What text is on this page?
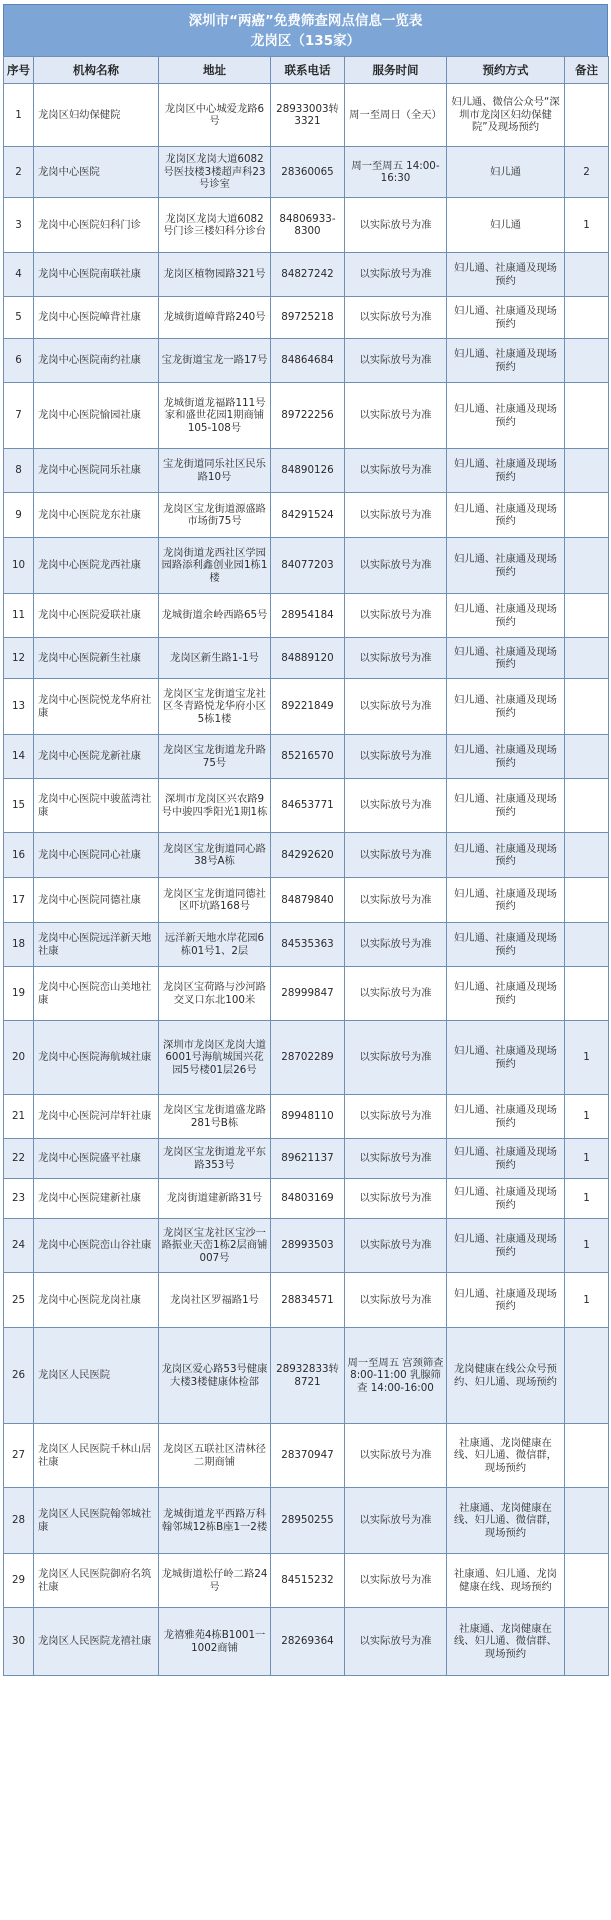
深圳市“两癌”免费筛查网点信息一览表
龙岗区（135家）
序号	机构名称	地址	联系电话	服务时间	预约方式	备注
1	龙岗区妇幼保健院	龙岗区中心城爱龙路6号	28933003转3321	周一至周日（全天）	妇儿通、微信公众号“深圳市龙岗区妇幼保健院”及现场预约	
2	龙岗中心医院	龙岗区龙岗大道6082号医技楼3楼超声科23号诊室	28360065	周一至周五 14:00-16:30	妇儿通	2
3	龙岗中心医院妇科门诊	龙岗区龙岗大道6082号门诊三楼妇科分诊台	84806933-8300	以实际放号为准	妇儿通	1
4	龙岗中心医院南联社康	龙岗区植物园路321号	84827242	以实际放号为准	妇儿通、社康通及现场预约	
5	龙岗中心医院嶂背社康	龙城街道嶂背路240号	89725218	以实际放号为准	妇儿通、社康通及现场预约	
6	龙岗中心医院南约社康	宝龙街道宝龙一路17号	84864684	以实际放号为准	妇儿通、社康通及现场预约	
7	龙岗中心医院愉园社康	龙城街道龙福路111号家和盛世花园1期商铺105-108号	89722256	以实际放号为准	妇儿通、社康通及现场预约	
8	龙岗中心医院同乐社康	宝龙街道同乐社区民乐路10号	84890126	以实际放号为准	妇儿通、社康通及现场预约	
9	龙岗中心医院龙东社康	龙岗区宝龙街道源盛路市场街75号	84291524	以实际放号为准	妇儿通、社康通及现场预约	
10	龙岗中心医院龙西社康	龙岗街道龙西社区学园园路添利鑫创业园1栋1楼	84077203	以实际放号为准	妇儿通、社康通及现场预约	
11	龙岗中心医院爱联社康	龙城街道余岭西路65号	28954184	以实际放号为准	妇儿通、社康通及现场预约	
12	龙岗中心医院新生社康	龙岗区新生路1-1号	84889120	以实际放号为准	妇儿通、社康通及现场预约	
13	龙岗中心医院悦龙华府社康	龙岗区宝龙街道宝龙社区冬青路悦龙华府小区5栋1楼	89221849	以实际放号为准	妇儿通、社康通及现场预约	
14	龙岗中心医院龙新社康	龙岗区宝龙街道龙升路75号	85216570	以实际放号为准	妇儿通、社康通及现场预约	
15	龙岗中心医院中骏蓝湾社康	深圳市龙岗区兴农路9号中骏四季阳光1期1栋	84653771	以实际放号为准	妇儿通、社康通及现场预约	
16	龙岗中心医院同心社康	龙岗区宝龙街道同心路38号A栋	84292620	以实际放号为准	妇儿通、社康通及现场预约	
17	龙岗中心医院同德社康	龙岗区宝龙街道同德社区吓坑路168号	84879840	以实际放号为准	妇儿通、社康通及现场预约	
18	龙岗中心医院远洋新天地社康	远洋新天地水岸花园6栋01号1、2层	84535363	以实际放号为准	妇儿通、社康通及现场预约	
19	龙岗中心医院峦山美地社康	龙岗区宝荷路与沙河路交叉口东北100米	28999847	以实际放号为准	妇儿通、社康通及现场预约	
20	龙岗中心医院海航城社康	深圳市龙岗区龙岗大道6001号海航城国兴花园5号楼01层26号	28702289	以实际放号为准	妇儿通、社康通及现场预约	1
21	龙岗中心医院河岸轩社康	龙岗区宝龙街道盛龙路281号B栋	89948110	以实际放号为准	妇儿通、社康通及现场预约	1
22	龙岗中心医院盛平社康	龙岗区宝龙街道龙平东路353号	89621137	以实际放号为准	妇儿通、社康通及现场预约	1
23	龙岗中心医院建新社康	龙岗街道建新路31号	84803169	以实际放号为准	妇儿通、社康通及现场预约	1
24	龙岗中心医院峦山谷社康	龙岗区宝龙社区宝沙一路振业天峦1栋2层商铺007号	28993503	以实际放号为准	妇儿通、社康通及现场预约	1
25	龙岗中心医院龙岗社康	龙岗社区罗福路1号	28834571	以实际放号为准	妇儿通、社康通及现场预约	1
26	龙岗区人民医院	龙岗区爱心路53号健康大楼3楼健康体检部	28932833转8721	周一至周五 宫颈筛查 8:00-11:00 乳腺筛查 14:00-16:00	龙岗健康在线公众号预约、妇儿通、现场预约	
27	龙岗区人民医院千林山居社康	龙岗区五联社区清林径二期商铺	28370947	以实际放号为准	社康通、龙岗健康在线、妇儿通、微信群，现场预约	
28	龙岗区人民医院翰邻城社康	龙城街道龙平西路万科翰邻城12栋B座1一2楼	28950255	以实际放号为准	社康通、龙岗健康在线、妇儿通、微信群，现场预约	
29	龙岗区人民医院御府名筑社康	龙城街道松仔岭二路24号	84515232	以实际放号为准	社康通、妇儿通、龙岗健康在线、现场预约	
30	龙岗区人民医院龙禧社康	龙禧雅苑4栋B1001一1002商铺	28269364	以实际放号为准	社康通、龙岗健康在线、妇儿通、微信群、现场预约	
